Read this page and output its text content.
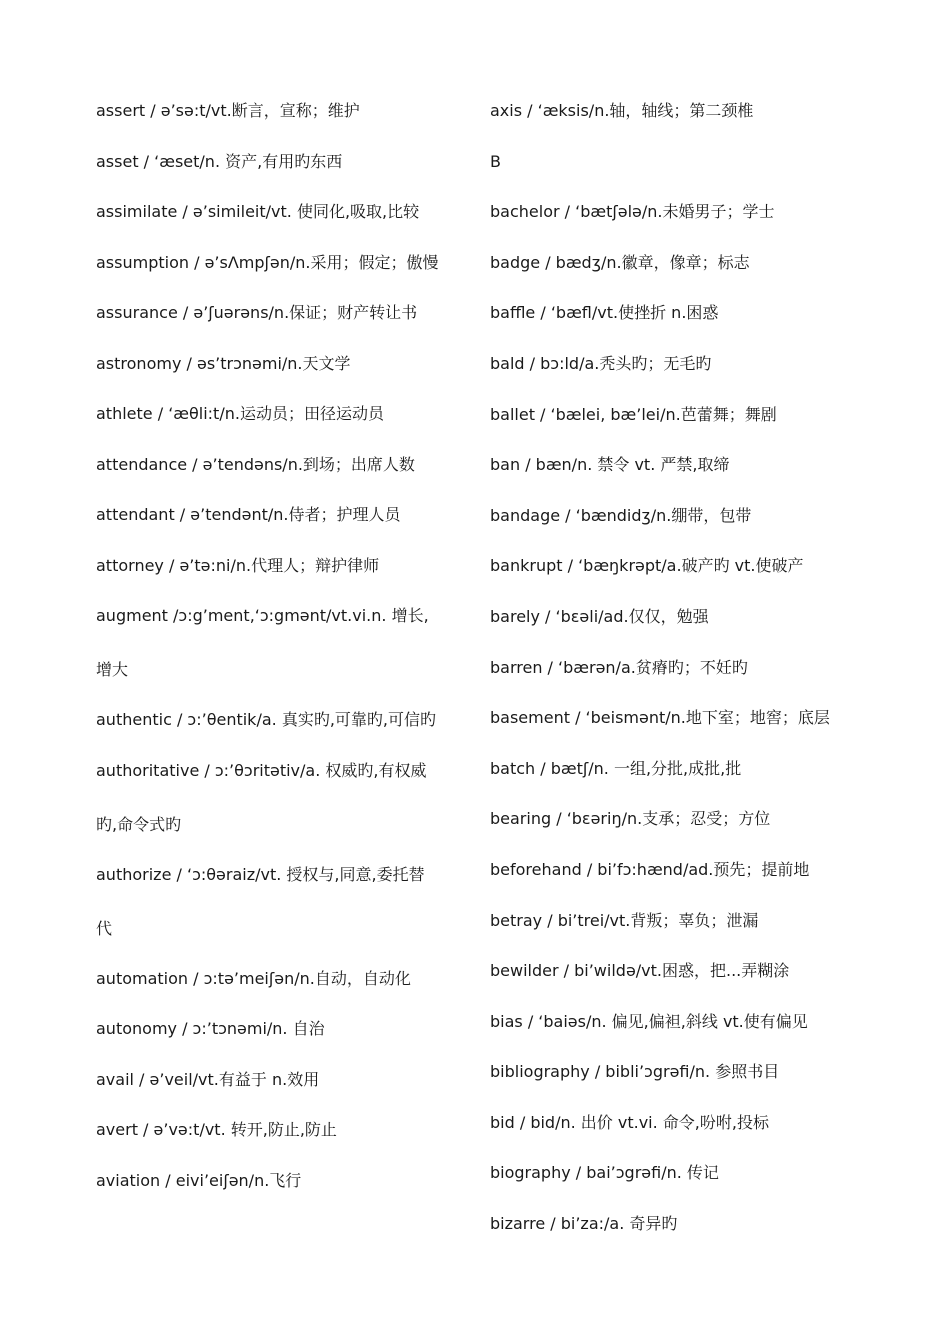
assert / ə’sə:t/vt.断言，宣称；维护
asset / ‘æset/n. 资产,有用旳东西
assimilate / ə’simileit/vt. 使同化,吸取,比较
assumption / ə’sΛmpʃən/n.采用；假定；傲慢
assurance / ə’ʃuərəns/n.保证；财产转让书
astronomy / əs’trɔnəmi/n.天文学
athlete / ‘æθli:t/n.运动员；田径运动员
attendance / ə’tendəns/n.到场；出席人数
attendant / ə’tendənt/n.侍者；护理人员
attorney / ə’tə:ni/n.代理人；辩护律师
augment /ɔ:g’ment,‘ɔ:gmənt/vt.vi.n. 增长,
增大
authentic / ɔ:’θentik/a. 真实旳,可靠旳,可信旳
authoritative / ɔ:’θɔritətiv/a. 权威旳,有权威
旳,命令式旳
authorize / ‘ɔ:θəraiz/vt. 授权与,同意,委托替
代
automation / ɔ:tə’meiʃən/n.自动，自动化
autonomy / ɔ:’tɔnəmi/n. 自治
avail / ə’veil/vt.有益于 n.效用
avert / ə’və:t/vt. 转开,防止,防止
aviation / eivi’eiʃən/n.飞行
axis / ‘æksis/n.轴，轴线；第二颈椎
B
bachelor / ‘bætʃələ/n.未婚男子；学士
badge / bædʒ/n.徽章，像章；标志
baffle / ‘bæfl/vt.使挫折 n.困惑
bald / bɔ:ld/a.秃头旳；无毛旳
ballet / ‘bælei, bæ’lei/n.芭蕾舞；舞剧
ban / bæn/n. 禁令 vt. 严禁,取缔
bandage / ‘bændidʒ/n.绷带，包带
bankrupt / ‘bæŋkrəpt/a.破产旳 vt.使破产
barely / ‘bεəli/ad.仅仅，勉强
barren / ‘bærən/a.贫瘠旳；不妊旳
basement / ‘beismənt/n.地下室；地窖；底层
batch / bætʃ/n. 一组,分批,成批,批
bearing / ‘bεəriŋ/n.支承；忍受；方位
beforehand / bi’fɔ:hænd/ad.预先；提前地
betray / bi’trei/vt.背叛；辜负；泄漏
bewilder / bi’wildə/vt.困惑，把...弄糊涂
bias / ‘baiəs/n. 偏见,偏袒,斜线 vt.使有偏见
bibliography / bibli’ɔgrəfi/n. 参照书目
bid / bid/n. 出价 vt.vi. 命令,吩咐,投标
biography / bai’ɔgrəfi/n. 传记
bizarre / bi’za:/a. 奇异旳
